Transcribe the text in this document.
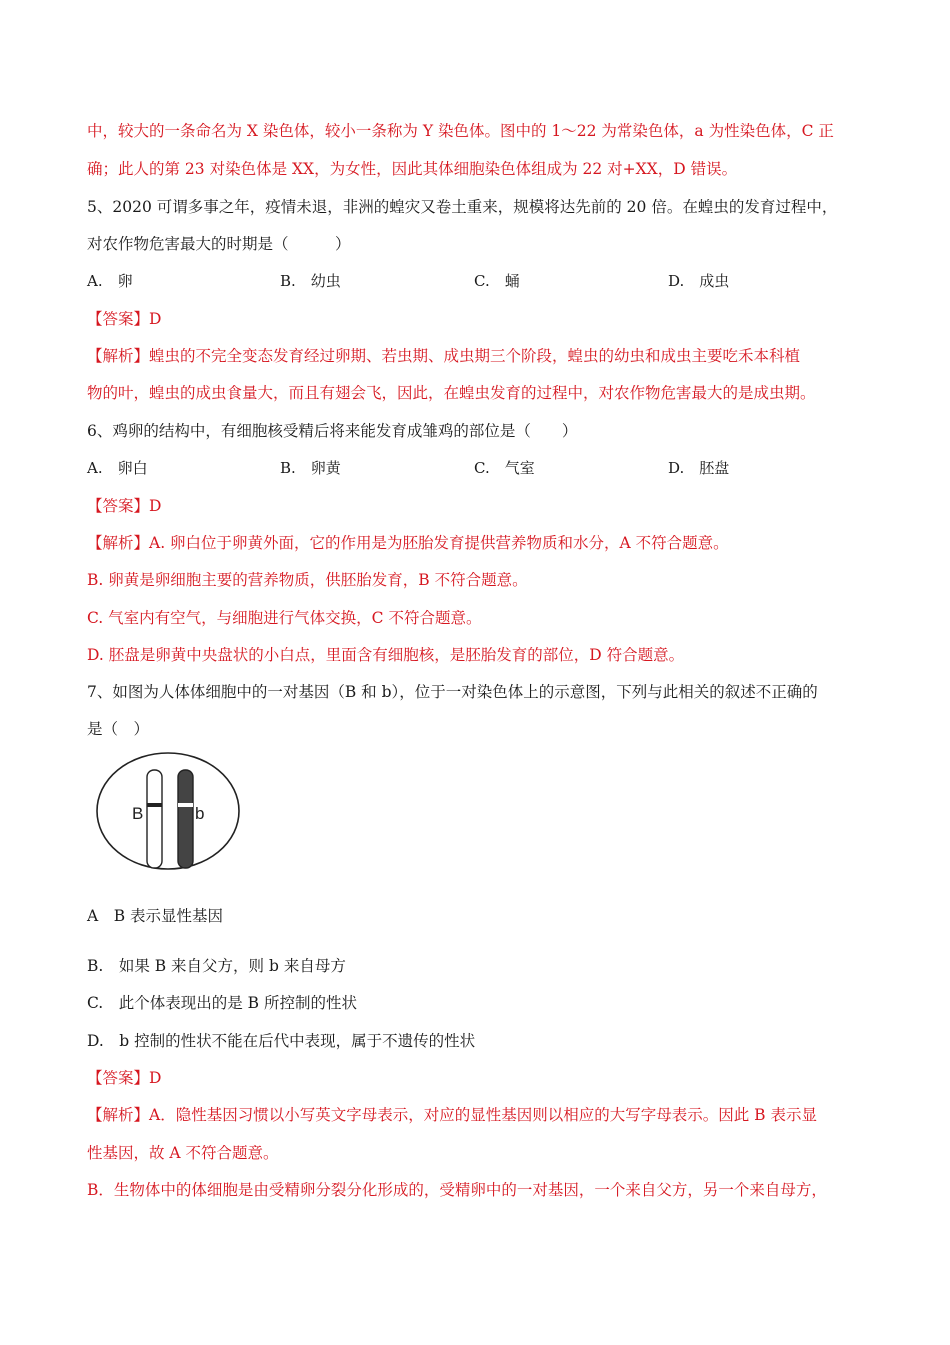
中，较大的一条命名为 X 染色体，较小一条称为 Y 染色体。图中的 1～22 为常染色体，a 为性染色体，C 正
确；此人的第 23 对染色体是 XX，为女性，因此其体细胞染色体组成为 22 对+XX，D 错误。
5、2020 可谓多事之年，疫情未退，非洲的蝗灾又卷土重来，规模将达先前的 20 倍。在蝗虫的发育过程中，
对农作物危害最大的时期是（　　　）
A.　卵	B.　幼虫	C.　蛹	D.　成虫
【答案】D
【解析】蝗虫的不完全变态发育经过卵期、若虫期、成虫期三个阶段，蝗虫的幼虫和成虫主要吃禾本科植
物的叶，蝗虫的成虫食量大，而且有翅会飞，因此，在蝗虫发育的过程中，对农作物危害最大的是成虫期。
6、鸡卵的结构中，有细胞核受精后将来能发育成雏鸡的部位是（　　）
A.　卵白	B.　卵黄	C.　气室	D.　胚盘
【答案】D
【解析】A. 卵白位于卵黄外面，它的作用是为胚胎发育提供营养物质和水分，A 不符合题意。
B. 卵黄是卵细胞主要的营养物质，供胚胎发育，B 不符合题意。
C. 气室内有空气，与细胞进行气体交换，C 不符合题意。
D. 胚盘是卵黄中央盘状的小白点，里面含有细胞核，是胚胎发育的部位，D 符合题意。
7、如图为人体体细胞中的一对基因（B 和 b），位于一对染色体上的示意图，下列与此相关的叙述不正确的
是（　）
B	b
A　B 表示显性基因
B.　如果 B 来自父方，则 b 来自母方
C.　此个体表现出的是 B 所控制的性状
D.　b 控制的性状不能在后代中表现，属于不遗传的性状
【答案】D
【解析】A．隐性基因习惯以小写英文字母表示，对应的显性基因则以相应的大写字母表示。因此 B 表示显
性基因，故 A 不符合题意。
B．生物体中的体细胞是由受精卵分裂分化形成的，受精卵中的一对基因，一个来自父方，另一个来自母方，
